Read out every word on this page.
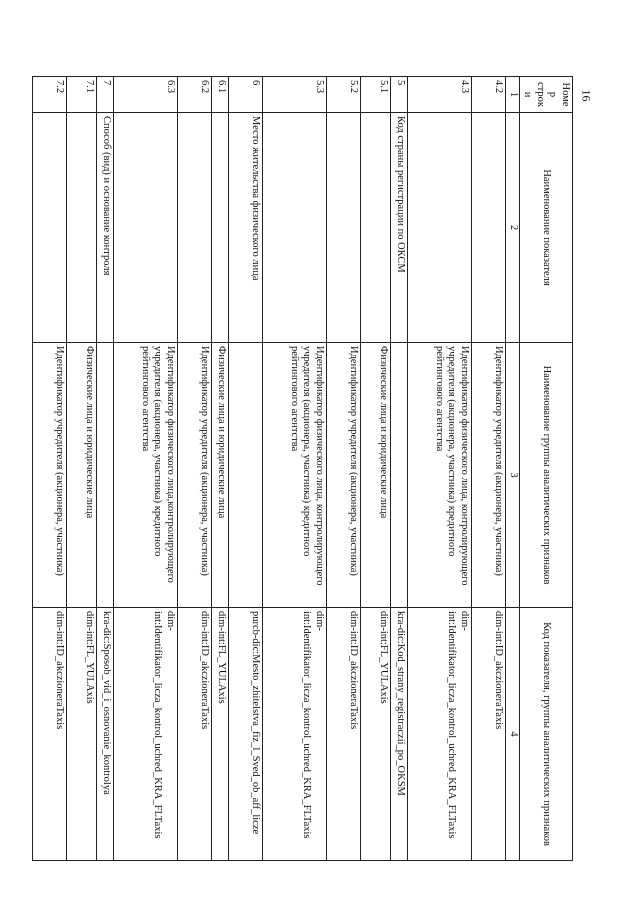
16
Номер строки	Наименование показателя	Наименование группы аналитических признаков	Код показателя, группы аналитических признаков
1	2	3	4
4.2		Идентификатор учредителя (акционера, участника)	dim-int:ID_akczioneraTaxis
4.3		Идентификатор физического лица, контролирующего учредителя (акционера, участника) кредитного рейтингового агентства	dim-int:Identifikator_licza_kontrol_uchred_KRA_FLTaxis
5	Код страны регистрации по ОКСМ		kra-dic:Kod_strany_registraczii_po_OKSM
5.1		Физические лица и юридические лица	dim-int:FL_YULAxis
5.2		Идентификатор учредителя (акционера, участника)	dim-int:ID_akczioneraTaxis
5.3		Идентификатор физического лица, контролирующего учредителя (акционера, участника) кредитного рейтингового агентства	dim-int:Identifikator_licza_kontrol_uchred_KRA_FLTaxis
6	Место жительства физического лица		purcb-dic:Mesto_zhitelstva_fiz_l_Sved_ob_aff_licze
6.1		Физические лица и юридические лица	dim-int:FL_YULAxis
6.2		Идентификатор учредителя (акционера, участника)	dim-int:ID_akczioneraTaxis
6.3		Идентификатор физического лица,контролирующего учредителя (акционера, участника) кредитного рейтингового агентства	dim-int:Identifikator_licza_kontrol_uchred_KRA_FLTaxis
7	Способ (вид) и основание контроля		kra-dic:Sposob_vid_i_osnovanie_kontrolya
7.1		Физические лица и юридические лица	dim-int:FL_YULAxis
7.2		Идентификатор учредителя (акционера, участника)	dim-int:ID_akczioneraTaxis
